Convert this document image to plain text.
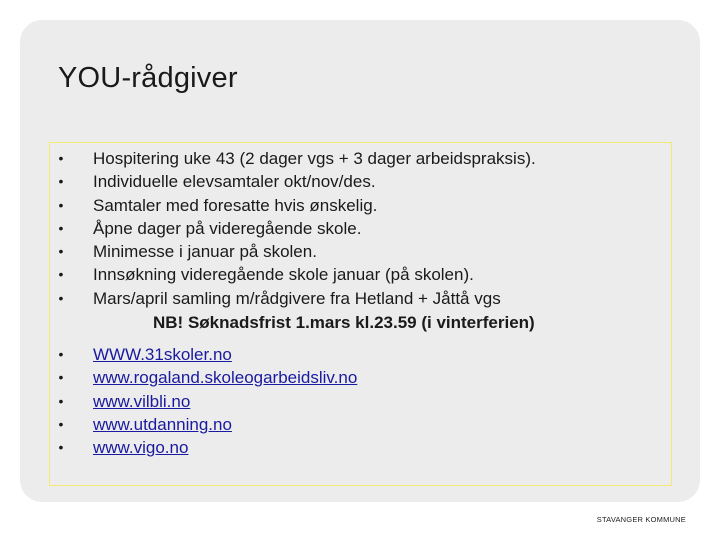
YOU-rådgiver
• Hospitering uke 43 (2 dager vgs + 3 dager arbeidspraksis).
• Individuelle elevsamtaler okt/nov/des.
• Samtaler med foresatte hvis ønskelig.
• Åpne dager på videregående skole.
• Minimesse i januar på skolen.
• Innsøkning videregående skole januar (på skolen).
• Mars/april samling m/rådgivere fra Hetland + Jåttå vgs
NB! Søknadsfrist 1.mars kl.23.59 (i vinterferien)
• WWW.31skoler.no
• www.rogaland.skoleogarbeidsliv.no
• www.vilbli.no
• www.utdanning.no
• www.vigo.no
STAVANGER KOMMUNE
